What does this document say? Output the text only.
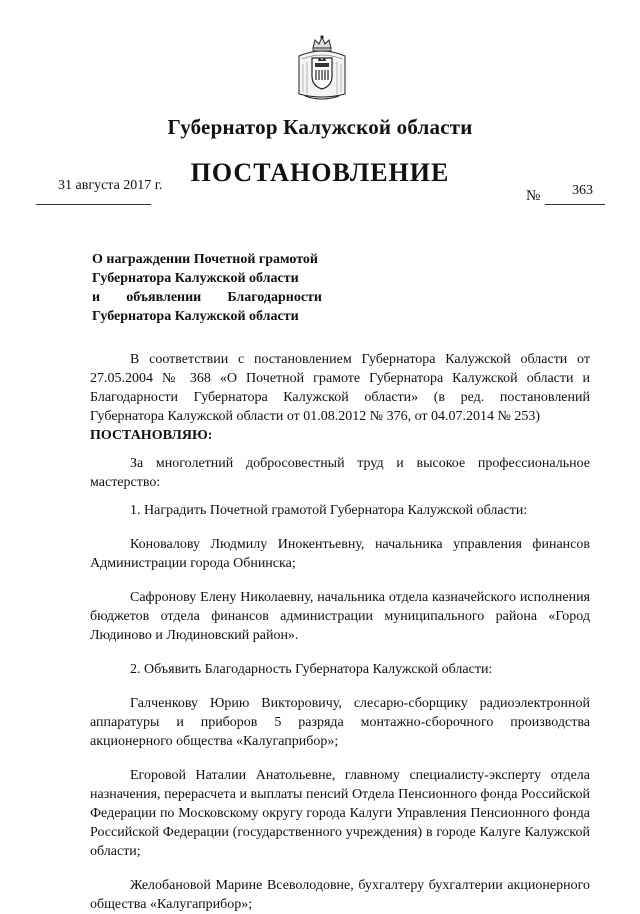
Губернатор Калужской области
ПОСТАНОВЛЕНИЕ
31 августа 2017 г.	363
№
О награждении Почетной грамотой
Губернатора Калужской области
и объявлении Благодарности
Губернатора Калужской области

В соответствии с постановлением Губернатора Калужской области от 27.05.2004 № 368 «О Почетной грамоте Губернатора Калужской области и Благодарности Губернатора Калужской области» (в ред. постановлений Губернатора Калужской области от 01.08.2012 № 376, от 04.07.2014 № 253)

ПОСТАНОВЛЯЮ:

За многолетний добросовестный труд и высокое профессиональное мастерство:

1. Наградить Почетной грамотой Губернатора Калужской области:

Коновалову Людмилу Инокентьевну, начальника управления финансов Администрации города Обнинска;

Сафронову Елену Николаевну, начальника отдела казначейского исполнения бюджетов отдела финансов администрации муниципального района «Город Людиново и Людиновский район».

2. Объявить Благодарность Губернатора Калужской области:

Галченкову Юрию Викторовичу, слесарю-сборщику радиоэлектронной аппаратуры и приборов 5 разряда монтажно-сборочного производства акционерного общества «Калугаприбор»;

Егоровой Наталии Анатольевне, главному специалисту-эксперту отдела назначения, перерасчета и выплаты пенсий Отдела Пенсионного фонда Российской Федерации по Московскому округу города Калуги Управления Пенсионного фонда Российской Федерации (государственного учреждения) в городе Калуге Калужской области;

Желобановой Марине Всеволодовне, бухгалтеру бухгалтерии акционерного общества «Калугаприбор»;
